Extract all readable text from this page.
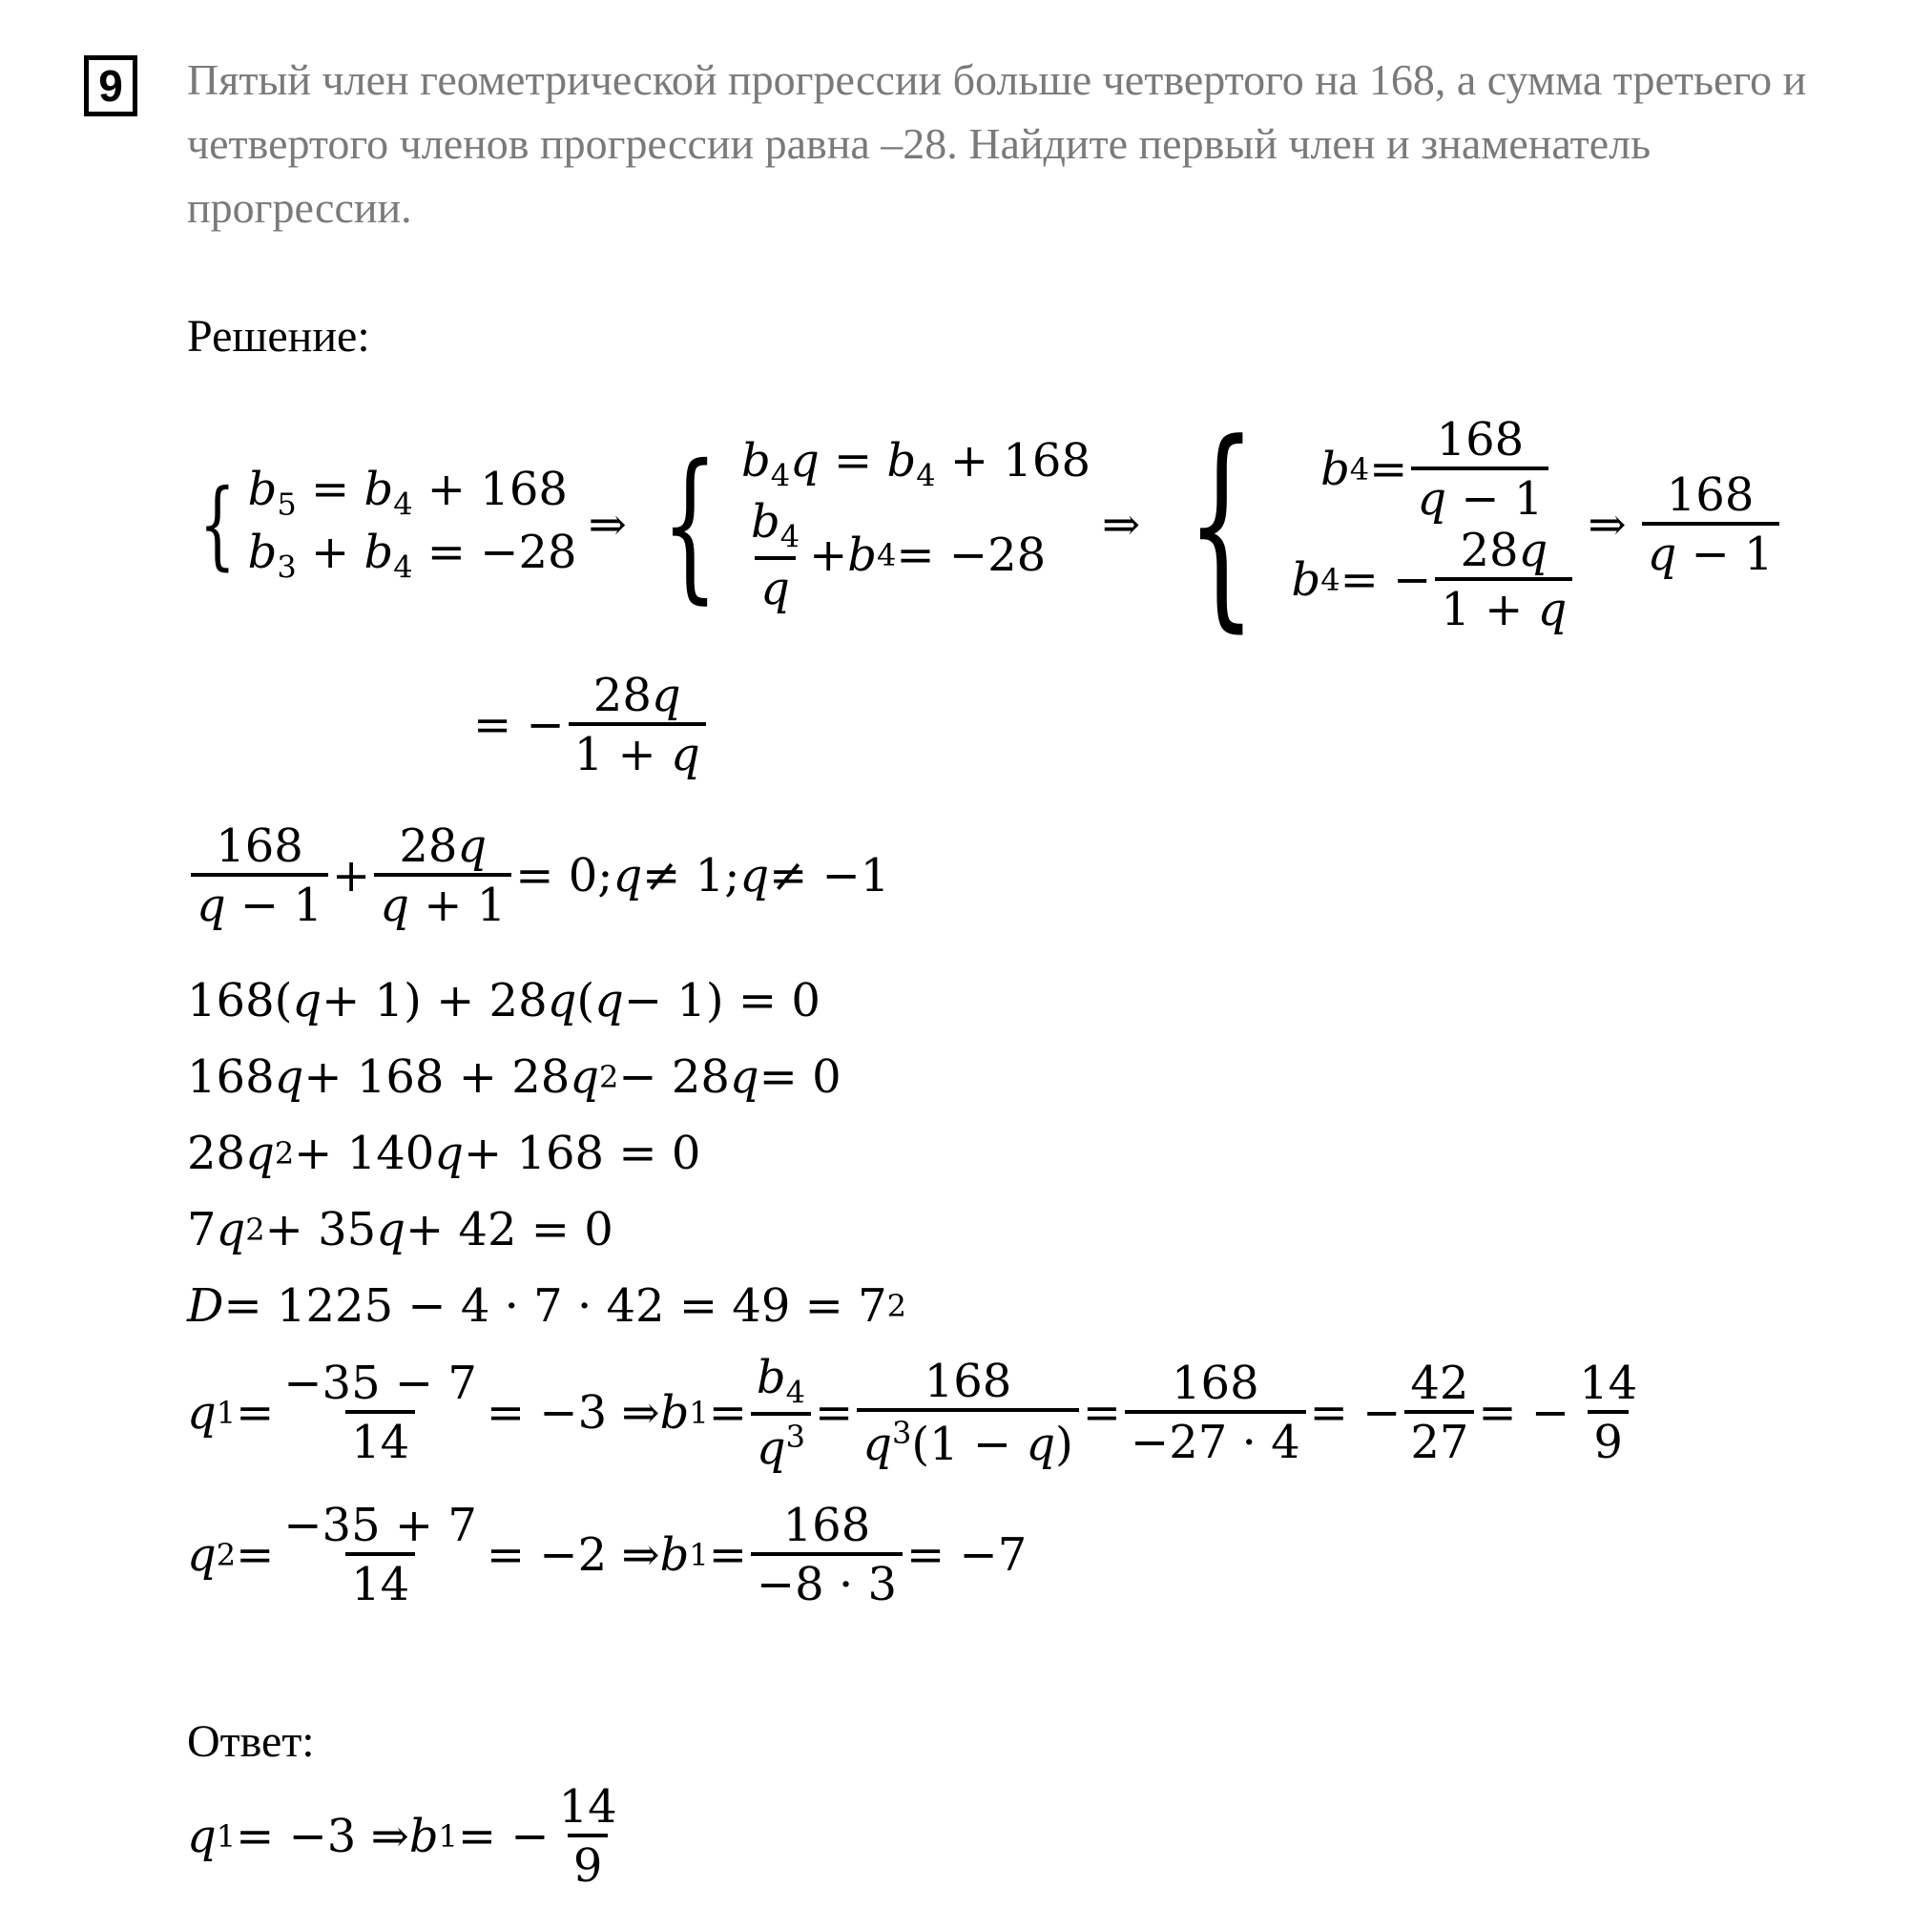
9	Пятый член геометрической прогрессии больше четвертого на 168, а сумма третьего и четвертого членов прогрессии равна –28. Найдите первый член и знаменатель прогрессии.
Решение:
{ $b_5 = b_4 + 168$
$b_3 + b_4 = -28$
⇒ { $b_4q = b_4 + 168$
$\frac{b_4}{q} + b$ 4 = −28
⇒ {
b $4 = \frac{168}{q - 1}$
b 4 = − $\frac{28q}{1 + q}$
⇒ $\frac{168}{q - 1}$
= − $\frac{28q}{1 + q}$
$\frac{168}{q - 1} + \frac{28q}{q + 1} = 0$; q ≠ 1; q ≠ −1
168( q + 1) + 28 q ( q − 1) = 0
168 q + 168 + 28 q 2 − 28 q = 0
28 q 2 + 140 q + 168 = 0
7 q 2 + 35 q + 42 = 0
D = 1225 − 4 · 7 · 42 = 49 = 7 2
q $1 = \frac{-35 - 7}{14} = -3$ ⇒ b $1 = \frac{b_4}{q^3} = \frac{168}{q^3(1 - q)} = \frac{168}{-27 \cdot 4}$ = − $\frac{42}{27}$ = − $\frac{14}{9}$
q $2 = \frac{-35 + 7}{14} = -2$ ⇒ b $1 = \frac{168}{-8 \cdot 3} = -7$
Ответ:
q 1 = −3 ⇒ b 1 = − $\frac{14}{9}$
